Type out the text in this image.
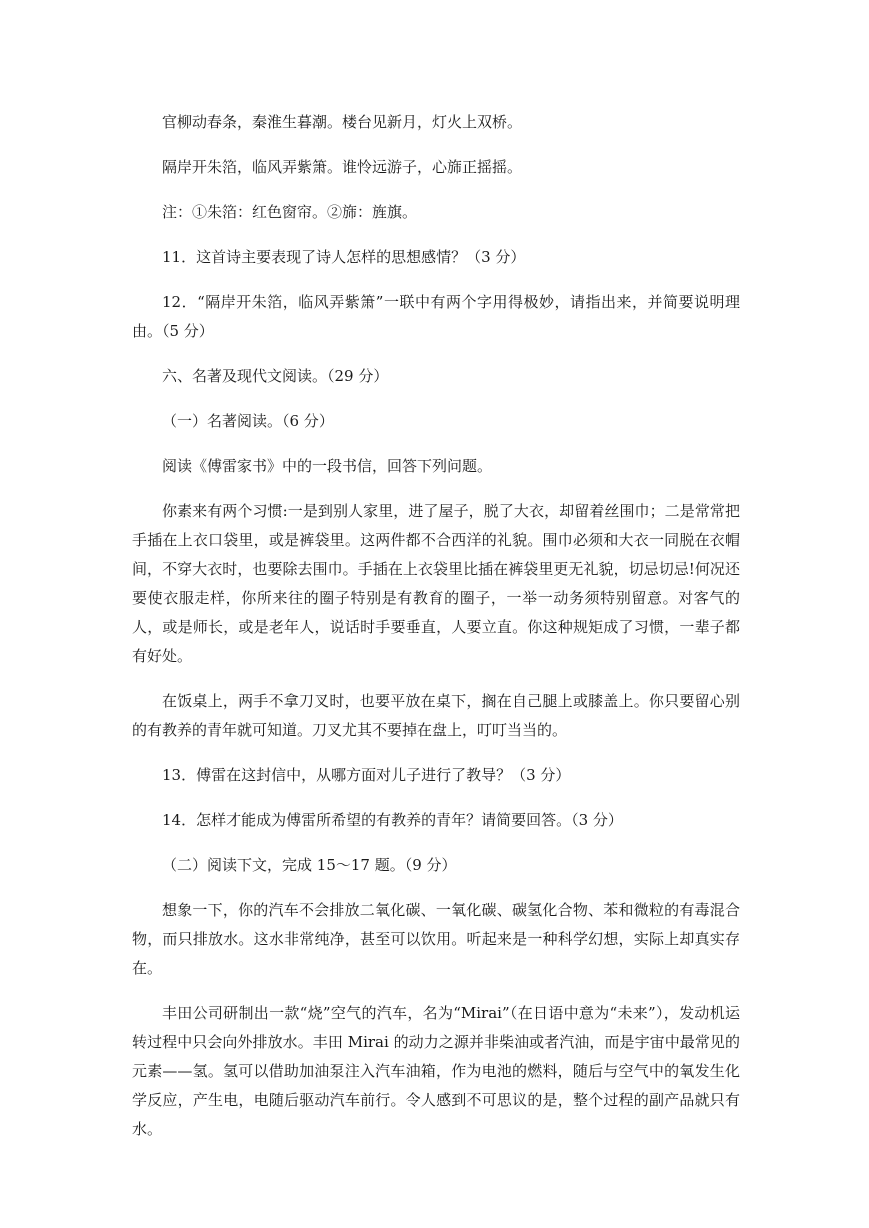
官柳动春条，秦淮生暮潮。楼台见新月，灯火上双桥。

隔岸开朱箔，临风弄紫箫。谁怜远游子，心旆正摇摇。

注：①朱箔：红色窗帘。②旆：旌旗。

11．这首诗主要表现了诗人怎样的思想感情？（3 分）

12．“隔岸开朱箔，临风弄紫箫”一联中有两个字用得极妙，请指出来，并简要说明理由。（5 分）

六、名著及现代文阅读。（29 分）

（一）名著阅读。（6 分）

阅读《傅雷家书》中的一段书信，回答下列问题。

你素来有两个习惯:一是到别人家里，进了屋子，脱了大衣，却留着丝围巾；二是常常把手插在上衣口袋里，或是裤袋里。这两件都不合西洋的礼貌。围巾必须和大衣一同脱在衣帽间，不穿大衣时，也要除去围巾。手插在上衣袋里比插在裤袋里更无礼貌，切忌切忌!何况还要使衣服走样，你所来往的圈子特别是有教育的圈子，一举一动务须特别留意。对客气的人，或是师长，或是老年人，说话时手要垂直，人要立直。你这种规矩成了习惯，一辈子都有好处。

在饭桌上，两手不拿刀叉时，也要平放在桌下，搁在自己腿上或膝盖上。你只要留心别的有教养的青年就可知道。刀叉尤其不要掉在盘上，叮叮当当的。

13．傅雷在这封信中，从哪方面对儿子进行了教导？（3 分）

14．怎样才能成为傅雷所希望的有教养的青年？请简要回答。（3 分）

（二）阅读下文，完成 15～17 题。（9 分）

想象一下，你的汽车不会排放二氧化碳、一氧化碳、碳氢化合物、苯和微粒的有毒混合物，而只排放水。这水非常纯净，甚至可以饮用。听起来是一种科学幻想，实际上却真实存在。

丰田公司研制出一款“烧”空气的汽车，名为“Mirai”（在日语中意为“未来”），发动机运转过程中只会向外排放水。丰田 Mirai 的动力之源并非柴油或者汽油，而是宇宙中最常见的元素——氢。氢可以借助加油泵注入汽车油箱，作为电池的燃料，随后与空气中的氧发生化学反应，产生电，电随后驱动汽车前行。令人感到不可思议的是，整个过程的副产品就只有水。
